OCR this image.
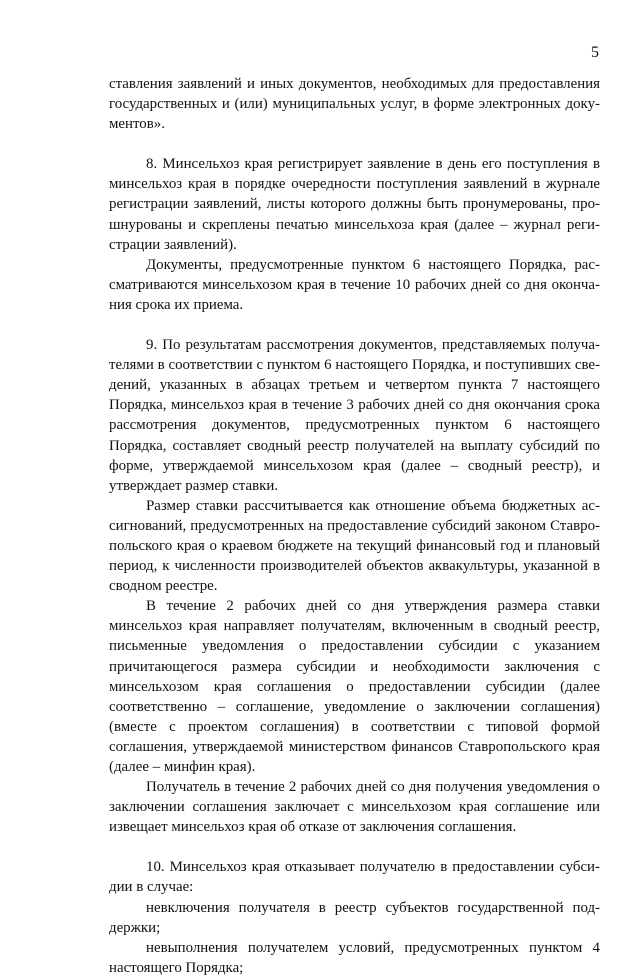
5

ставления заявлений и иных документов, необходимых для предоставления государственных и (или) муниципальных услуг, в форме электронных документов».

8. Минсельхоз края регистрирует заявление в день его поступления в минсельхоз края в порядке очередности поступления заявлений в журнале регистрации заявлений, листы которого должны быть пронумерованы, прошнурованы и скреплены печатью минсельхоза края (далее – журнал регистрации заявлений).

Документы, предусмотренные пунктом 6 настоящего Порядка, рассматриваются минсельхозом края в течение 10 рабочих дней со дня окончания срока их приема.

9. По результатам рассмотрения документов, представляемых получателями в соответствии с пунктом 6 настоящего Порядка, и поступивших сведений, указанных в абзацах третьем и четвертом пункта 7 настоящего Порядка, минсельхоз края в течение 3 рабочих дней со дня окончания срока рассмотрения документов, предусмотренных пунктом 6 настоящего Порядка, составляет сводный реестр получателей на выплату субсидий по форме, утверждаемой минсельхозом края (далее – сводный реестр), и утверждает размер ставки.

Размер ставки рассчитывается как отношение объема бюджетных ассигнований, предусмотренных на предоставление субсидий законом Ставропольского края о краевом бюджете на текущий финансовый год и плановый период, к численности производителей объектов аквакультуры, указанной в сводном реестре.

В течение 2 рабочих дней со дня утверждения размера ставки минсельхоз края направляет получателям, включенным в сводный реестр, письменные уведомления о предоставлении субсидии с указанием причитающегося размера субсидии и необходимости заключения с минсельхозом края соглашения о предоставлении субсидии (далее соответственно – соглашение, уведомление о заключении соглашения) (вместе с проектом соглашения) в соответствии с типовой формой соглашения, утверждаемой министерством финансов Ставропольского края (далее – минфин края).

Получатель в течение 2 рабочих дней со дня получения уведомления о заключении соглашения заключает с минсельхозом края соглашение или извещает минсельхоз края об отказе от заключения соглашения.

10. Минсельхоз края отказывает получателю в предоставлении субсидии в случае:

невключения получателя в реестр субъектов государственной поддержки;

невыполнения получателем условий, предусмотренных пунктом 4 настоящего Порядка;
